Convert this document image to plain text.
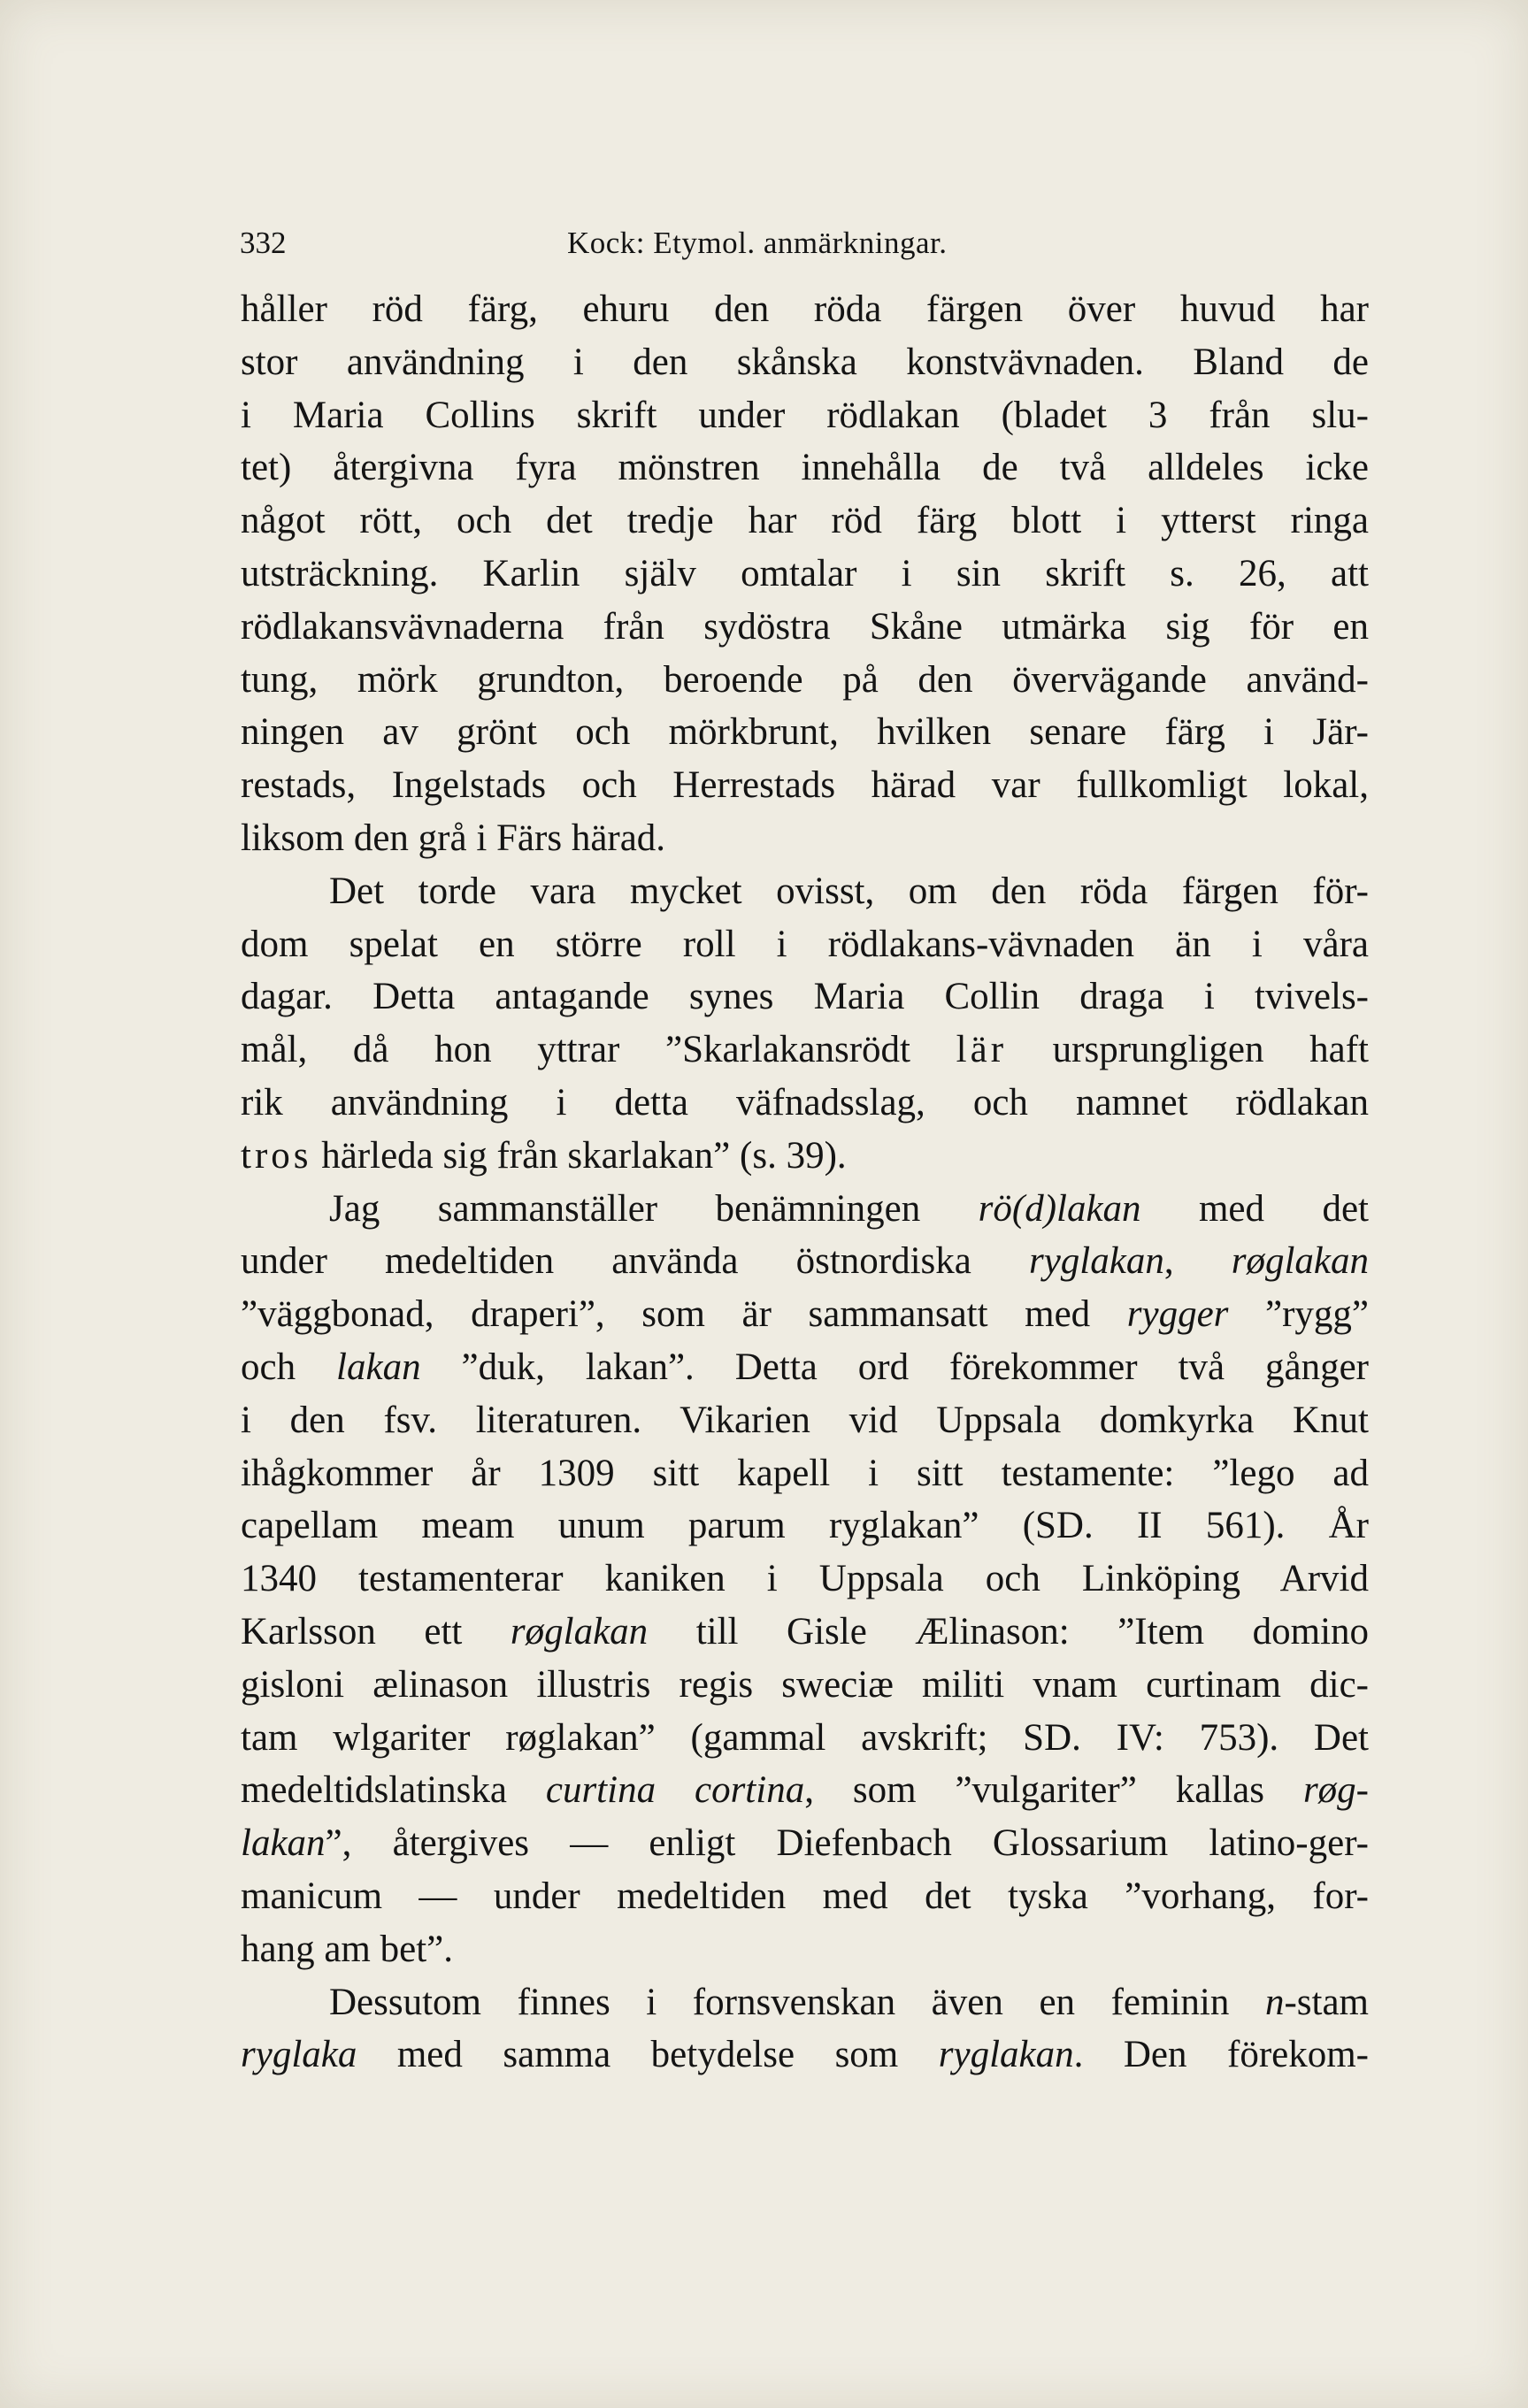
332	Kock: Etymol. anmärkningar.
håller röd färg, ehuru den röda färgen över huvud har
stor användning i den skånska konstvävnaden. Bland de
i Maria Collins skrift under rödlakan (bladet 3 från slu-
tet) återgivna fyra mönstren innehålla de två alldeles icke
något rött, och det tredje har röd färg blott i ytterst ringa
utsträckning. Karlin själv omtalar i sin skrift s. 26, att
rödlakansvävnaderna från sydöstra Skåne utmärka sig för en
tung, mörk grundton, beroende på den övervägande använd-
ningen av grönt och mörkbrunt, hvilken senare färg i Jär-
restads, Ingelstads och Herrestads härad var fullkomligt lokal,
liksom den grå i Färs härad.
Det torde vara mycket ovisst, om den röda färgen för-
dom spelat en större roll i rödlakans-vävnaden än i våra
dagar. Detta antagande synes Maria Collin draga i tvivels-
mål, då hon yttrar ”Skarlakansrödt lär ursprungligen haft
rik användning i detta väfnadsslag, och namnet rödlakan
tros härleda sig från skarlakan” (s. 39).
Jag sammanställer benämningen rö(d)lakan med det
under medeltiden använda östnordiska ryglakan, røglakan
”väggbonad, draperi”, som är sammansatt med rygger ”rygg”
och lakan ”duk, lakan”. Detta ord förekommer två gånger
i den fsv. literaturen. Vikarien vid Uppsala domkyrka Knut
ihågkommer år 1309 sitt kapell i sitt testamente: ”lego ad
capellam meam unum parum ryglakan” (SD. II 561). År
1340 testamenterar kaniken i Uppsala och Linköping Arvid
Karlsson ett røglakan till Gisle Ælinason: ”Item domino
gisloni ælinason illustris regis sweciæ militi vnam curtinam dic-
tam wlgariter røglakan” (gammal avskrift; SD. IV: 753). Det
medeltidslatinska curtina cortina, som ”vulgariter” kallas røg-
lakan”, återgives — enligt Diefenbach Glossarium latino-ger-
manicum — under medeltiden med det tyska ”vorhang, for-
hang am bet”.
Dessutom finnes i fornsvenskan även en feminin n-stam
ryglaka med samma betydelse som ryglakan. Den förekom-
